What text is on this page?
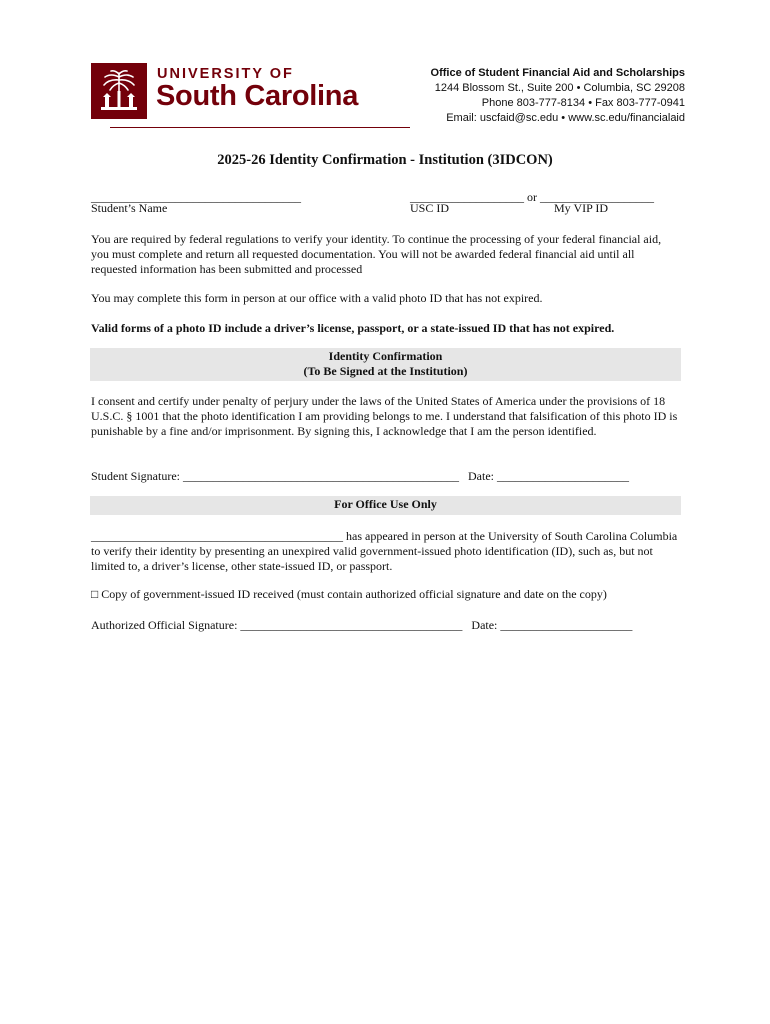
UNIVERSITY OF
South Carolina
Office of Student Financial Aid and Scholarships
1244 Blossom St., Suite 200 • Columbia, SC 29208
Phone 803-777-8134 • Fax 803-777-0941
Email: uscfaid@sc.edu • www.sc.edu/financialaid
2025-26 Identity Confirmation - Institution (3IDCON)
___________________________________	___________________ or ___________________
Student’s Name	USC ID	My VIP ID
You are required by federal regulations to verify your identity. To continue the processing of your federal financial aid, you must complete and return all requested documentation. You will not be awarded federal financial aid until all requested information has been submitted and processed
You may complete this form in person at our office with a valid photo ID that has not expired.
Valid forms of a photo ID include a driver’s license, passport, or a state-issued ID that has not expired.
Identity Confirmation
(To Be Signed at the Institution)
I consent and certify under penalty of perjury under the laws of the United States of America under the provisions of 18 U.S.C. § 1001 that the photo identification I am providing belongs to me. I understand that falsification of this photo ID is punishable by a fine and/or imprisonment. By signing this, I acknowledge that I am the person identified.
Student Signature: ______________________________________________   Date: ______________________
For Office Use Only
__________________________________________ has appeared in person at the University of South Carolina Columbia to verify their identity by presenting an unexpired valid government-issued photo identification (ID), such as, but not limited to, a driver’s license, other state-issued ID, or passport.
□ Copy of government-issued ID received (must contain authorized official signature and date on the copy)
Authorized Official Signature: _____________________________________   Date: ______________________
